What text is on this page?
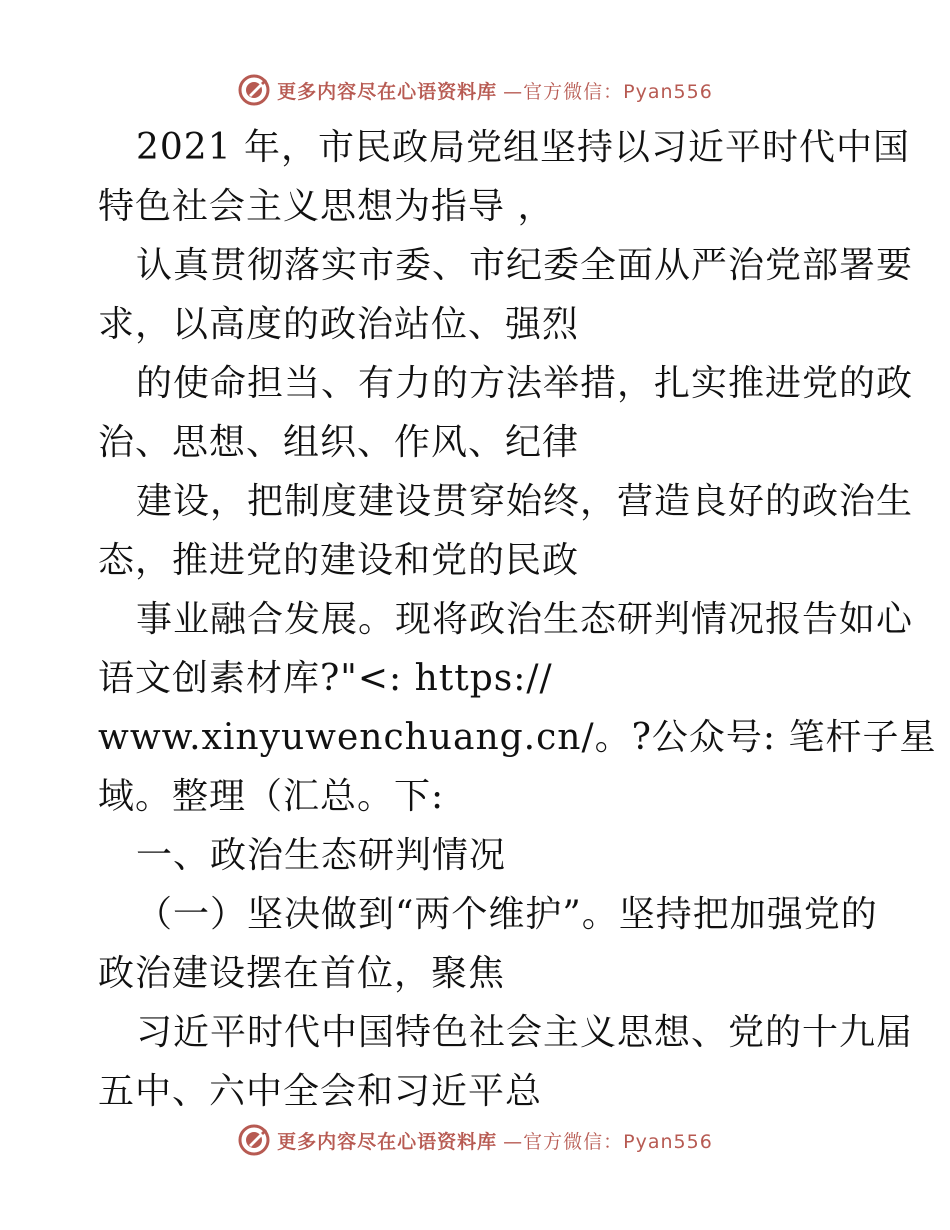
更多内容尽在心语资料库 —官方微信：Pyan556
2021 年，市民政局党组坚持以习近平时代中国
特色社会主义思想为指导 ，
认真贯彻落实市委、市纪委全面从严治党部署要
求，以高度的政治站位、强烈
的使命担当、有力的方法举措，扎实推进党的政
治、思想、组织、作风、纪律
建设，把制度建设贯穿始终，营造良好的政治生
态，推进党的建设和党的民政
事业融合发展。现将政治生态研判情况报告如心
语文创素材库?"<: https://
www.xinyuwenchuang.cn/。?公众号: 笔杆子星
域。整理（汇总。下:
一、政治生态研判情况
（一）坚决做到“两个维护”。坚持把加强党的
政治建设摆在首位，聚焦
习近平时代中国特色社会主义思想、党的十九届
五中、六中全会和习近平总
更多内容尽在心语资料库 —官方微信：Pyan556
